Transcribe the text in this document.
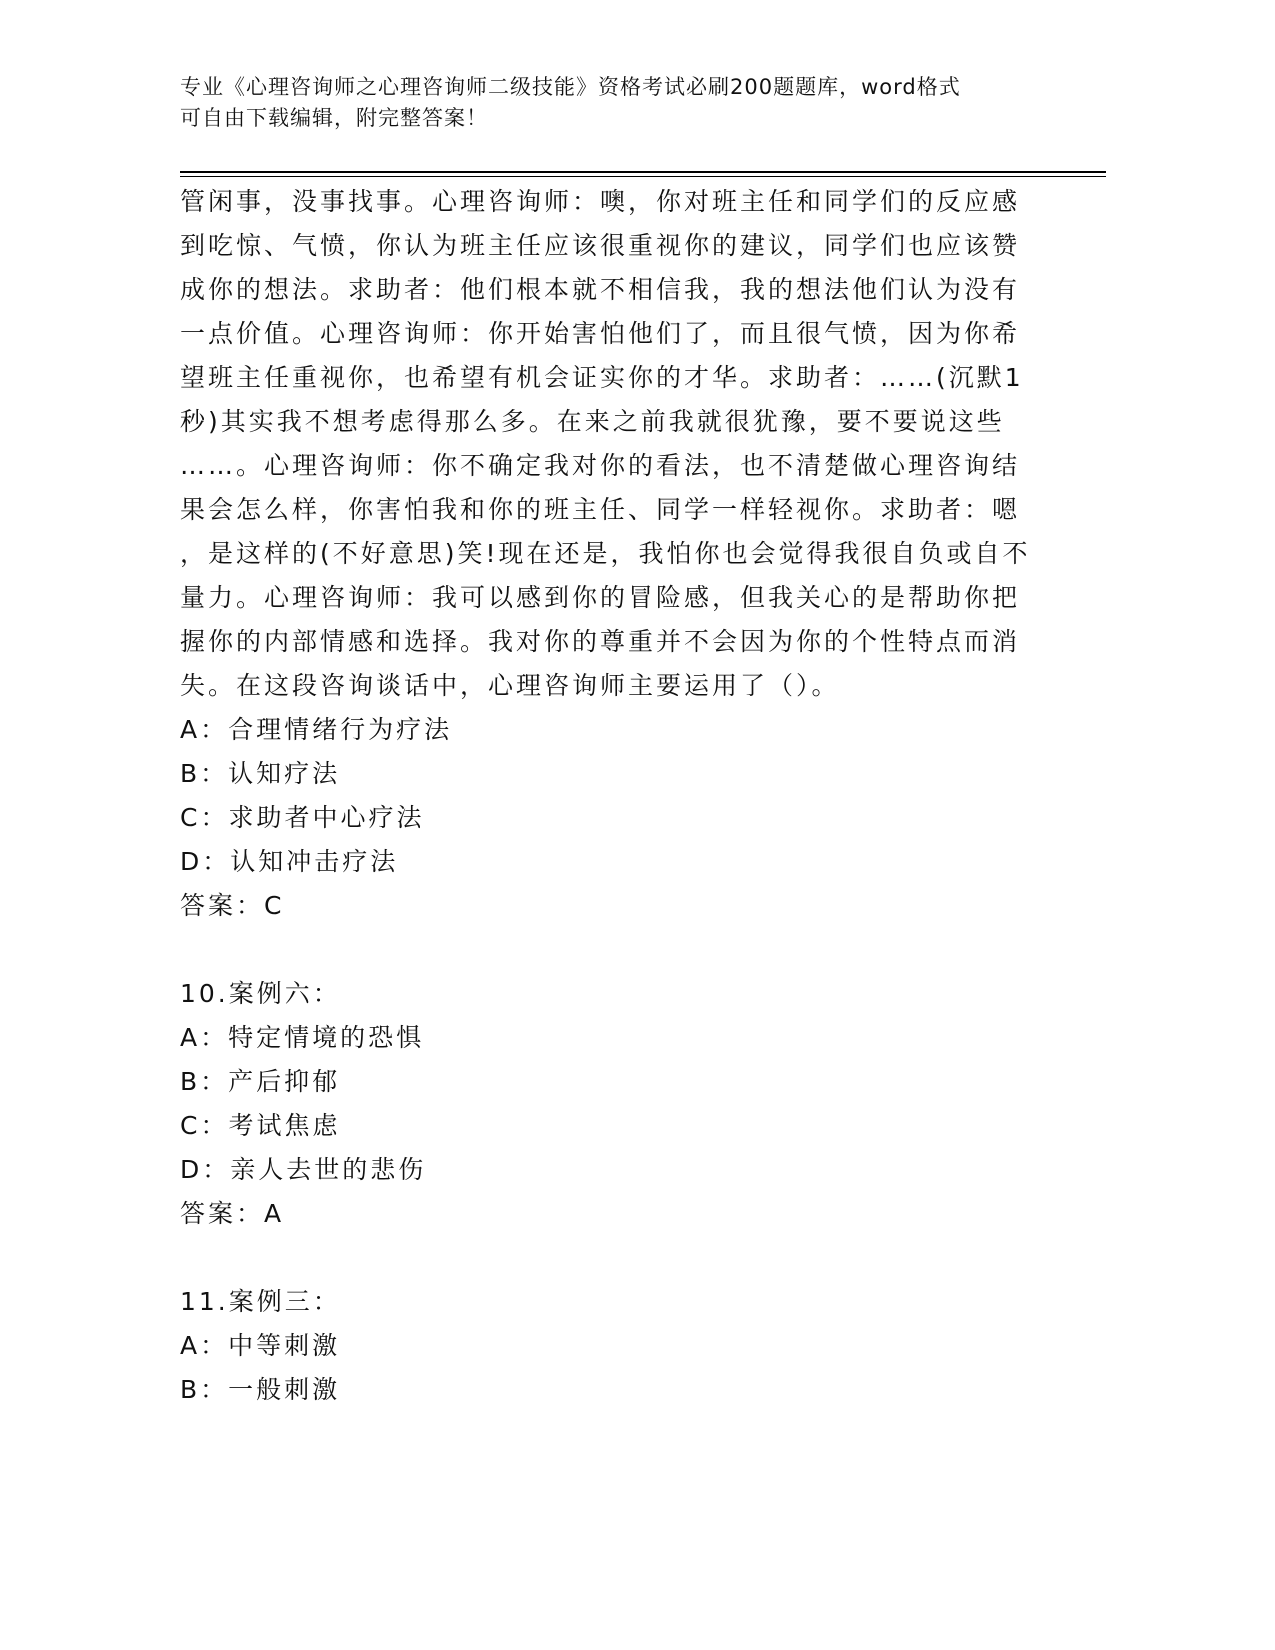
专业《心理咨询师之心理咨询师二级技能》资格考试必刷200题题库，word格式
可自由下载编辑，附完整答案！
管闲事，没事找事。心理咨询师：噢，你对班主任和同学们的反应感
到吃惊、气愤，你认为班主任应该很重视你的建议，同学们也应该赞
成你的想法。求助者：他们根本就不相信我，我的想法他们认为没有
一点价值。心理咨询师：你开始害怕他们了，而且很气愤，因为你希
望班主任重视你，也希望有机会证实你的才华。求助者：……(沉默1
秒)其实我不想考虑得那么多。在来之前我就很犹豫，要不要说这些
……。心理咨询师：你不确定我对你的看法，也不清楚做心理咨询结
果会怎么样，你害怕我和你的班主任、同学一样轻视你。求助者：嗯
，是这样的(不好意思)笑!现在还是，我怕你也会觉得我很自负或自不
量力。心理咨询师：我可以感到你的冒险感，但我关心的是帮助你把
握你的内部情感和选择。我对你的尊重并不会因为你的个性特点而消
失。在这段咨询谈话中，心理咨询师主要运用了（）。
A：合理情绪行为疗法
B：认知疗法
C：求助者中心疗法
D：认知冲击疗法
答案：C
10.案例六：
A：特定情境的恐惧
B：产后抑郁
C：考试焦虑
D：亲人去世的悲伤
答案：A
11.案例三：
A：中等刺激
B：一般刺激
